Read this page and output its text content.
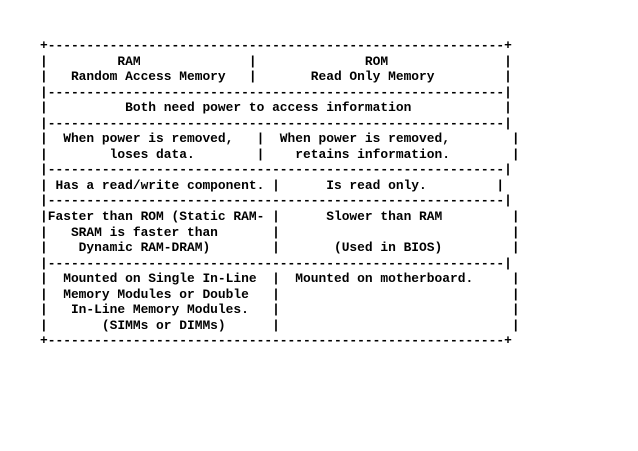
+-----------------------------------------------------------+
|         RAM              |              ROM               |
|   Random Access Memory   |       Read Only Memory         |
|-----------------------------------------------------------|
|          Both need power to access information            |
|-----------------------------------------------------------|
|  When power is removed,   |  When power is removed,        |
|        loses data.        |    retains information.        |
|-----------------------------------------------------------|
| Has a read/write component. |      Is read only.         |
|-----------------------------------------------------------|
|Faster than ROM (Static RAM- |      Slower than RAM         |
|   SRAM is faster than       |                              |
|    Dynamic RAM-DRAM)        |       (Used in BIOS)         |
|-----------------------------------------------------------|
|  Mounted on Single In-Line  |  Mounted on motherboard.     |
|  Memory Modules or Double   |                              |
|   In-Line Memory Modules.   |                              |
|       (SIMMs or DIMMs)      |                              |
+-----------------------------------------------------------+
